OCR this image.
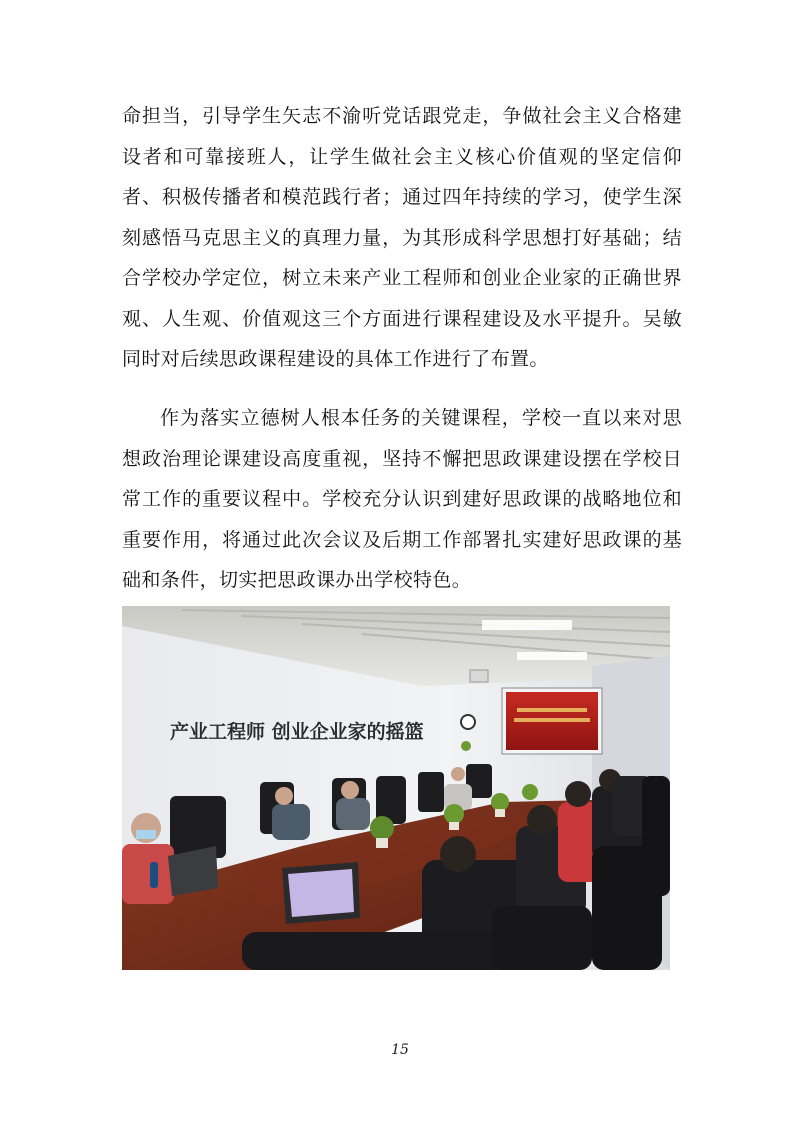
命担当，引导学生矢志不渝听党话跟党走，争做社会主义合格建设者和可靠接班人，让学生做社会主义核心价值观的坚定信仰者、积极传播者和模范践行者；通过四年持续的学习，使学生深刻感悟马克思主义的真理力量，为其形成科学思想打好基础；结合学校办学定位，树立未来产业工程师和创业企业家的正确世界观、人生观、价值观这三个方面进行课程建设及水平提升。吴敏同时对后续思政课程建设的具体工作进行了布置。

作为落实立德树人根本任务的关键课程，学校一直以来对思想政治理论课建设高度重视，坚持不懈把思政课建设摆在学校日常工作的重要议程中。学校充分认识到建好思政课的战略地位和重要作用，将通过此次会议及后期工作部署扎实建好思政课的基础和条件，切实把思政课办出学校特色。

产业工程师 创业企业家的摇篮
15
